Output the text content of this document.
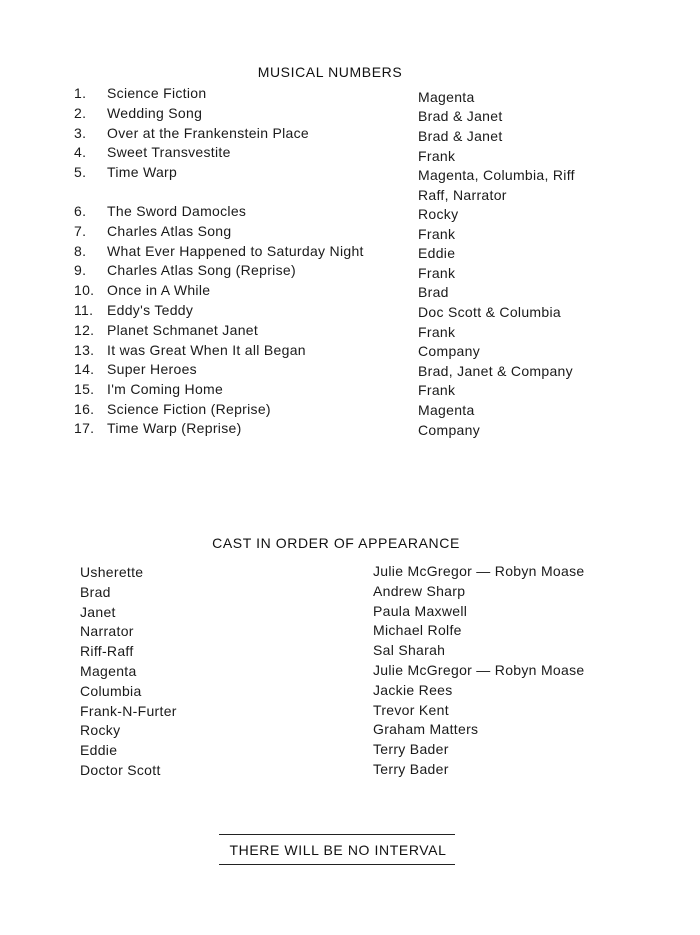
MUSICAL NUMBERS
1.	Science Fiction	Magenta
2.	Wedding Song	Brad & Janet
3.	Over at the Frankenstein Place	Brad & Janet
4.	Sweet Transvestite	Frank
5.	Time Warp	Magenta, Columbia, Riff
Raff, Narrator
6.	The Sword Damocles	Rocky
7.	Charles Atlas Song	Frank
8.	What Ever Happened to Saturday Night	Eddie
9.	Charles Atlas Song (Reprise)	Frank
10. Once in A While	Brad
11. Eddy's Teddy	Doc Scott & Columbia
12. Planet Schmanet Janet	Frank
13. It was Great When It all Began	Company
14. Super Heroes	Brad, Janet & Company
15. I'm Coming Home	Frank
16. Science Fiction (Reprise)	Magenta
17. Time Warp (Reprise)	Company
CAST IN ORDER OF APPEARANCE
Usherette	Julie McGregor — Robyn Moase
Brad	Andrew Sharp
Janet	Paula Maxwell
Narrator	Michael Rolfe
Riff-Raff	Sal Sharah
Magenta	Julie McGregor — Robyn Moase
Columbia	Jackie Rees
Frank-N-Furter	Trevor Kent
Rocky	Graham Matters
Eddie	Terry Bader
Doctor Scott	Terry Bader
THERE WILL BE NO INTERVAL
